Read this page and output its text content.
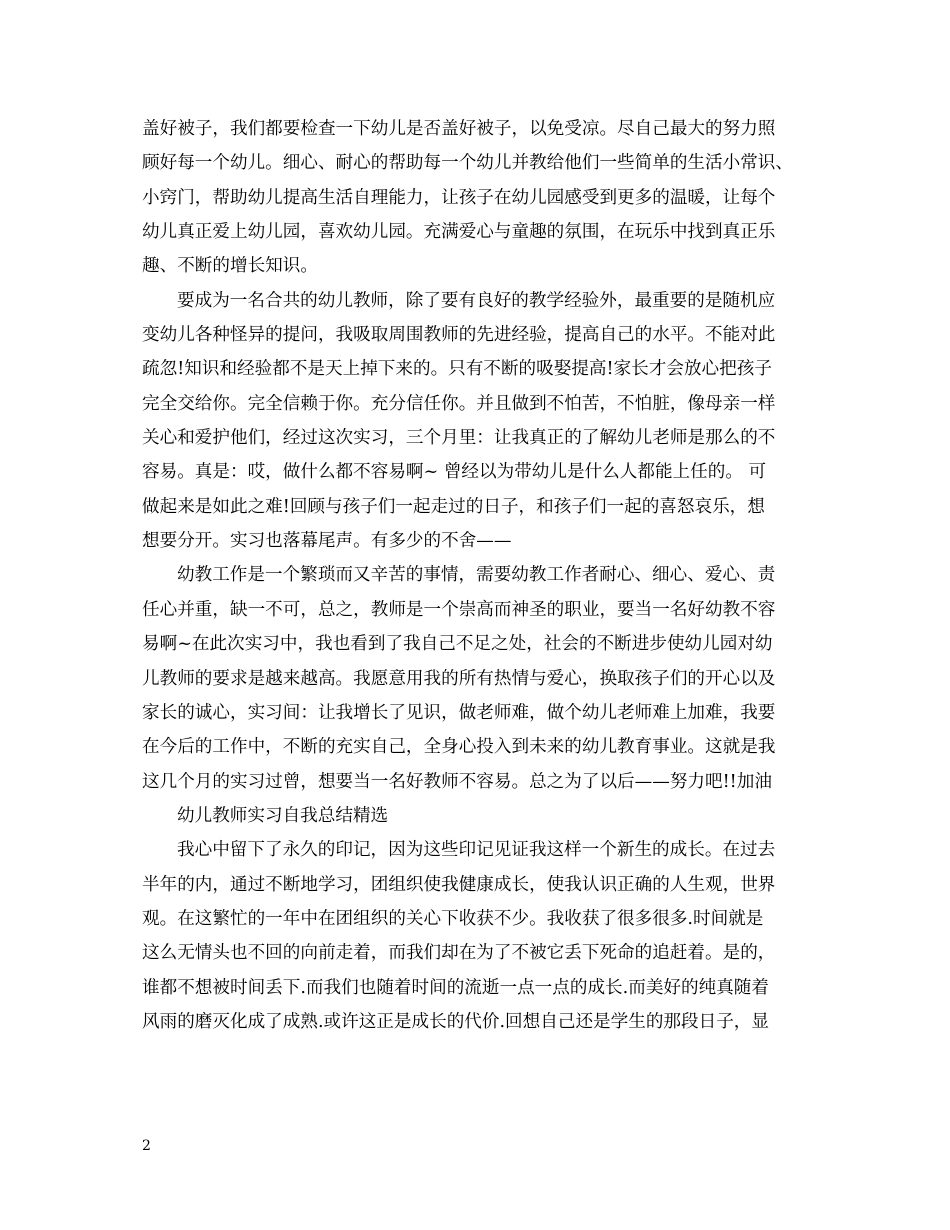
盖好被子，我们都要检查一下幼儿是否盖好被子，以免受凉。尽自己最大的努力照
顾好每一个幼儿。细心、耐心的帮助每一个幼儿并教给他们一些简单的生活小常识、
小窍门，帮助幼儿提高生活自理能力，让孩子在幼儿园感受到更多的温暖，让每个
幼儿真正爱上幼儿园，喜欢幼儿园。充满爱心与童趣的氛围，在玩乐中找到真正乐
趣、不断的增长知识。
要成为一名合共的幼儿教师，除了要有良好的教学经验外，最重要的是随机应
变幼儿各种怪异的提问，我吸取周围教师的先进经验，提高自己的水平。不能对此
疏忽!知识和经验都不是天上掉下来的。只有不断的吸娶提高!家长才会放心把孩子
完全交给你。完全信赖于你。充分信任你。并且做到不怕苦，不怕脏，像母亲一样
关心和爱护他们，经过这次实习，三个月里：让我真正的了解幼儿老师是那么的不
容易。真是：哎，做什么都不容易啊~ 曾经以为带幼儿是什么人都能上任的。 可
做起来是如此之难!回顾与孩子们一起走过的日子，和孩子们一起的喜怒哀乐，想
想要分开。实习也落幕尾声。有多少的不舍——
幼教工作是一个繁琐而又辛苦的事情，需要幼教工作者耐心、细心、爱心、责
任心并重，缺一不可，总之，教师是一个崇高而神圣的职业，要当一名好幼教不容
易啊~在此次实习中，我也看到了我自己不足之处，社会的不断进步使幼儿园对幼
儿教师的要求是越来越高。我愿意用我的所有热情与爱心，换取孩子们的开心以及
家长的诚心，实习间：让我增长了见识，做老师难，做个幼儿老师难上加难，我要
在今后的工作中，不断的充实自己，全身心投入到未来的幼儿教育事业。这就是我
这几个月的实习过曾，想要当一名好教师不容易。总之为了以后——努力吧!!加油
幼儿教师实习自我总结精选
我心中留下了永久的印记，因为这些印记见证我这样一个新生的成长。在过去
半年的内，通过不断地学习，团组织使我健康成长，使我认识正确的人生观，世界
观。在这繁忙的一年中在团组织的关心下收获不少。我收获了很多很多.时间就是
这么无情头也不回的向前走着，而我们却在为了不被它丢下死命的追赶着。是的，
谁都不想被时间丢下.而我们也随着时间的流逝一点一点的成长.而美好的纯真随着
风雨的磨灭化成了成熟.或许这正是成长的代价.回想自己还是学生的那段日子，显
2
